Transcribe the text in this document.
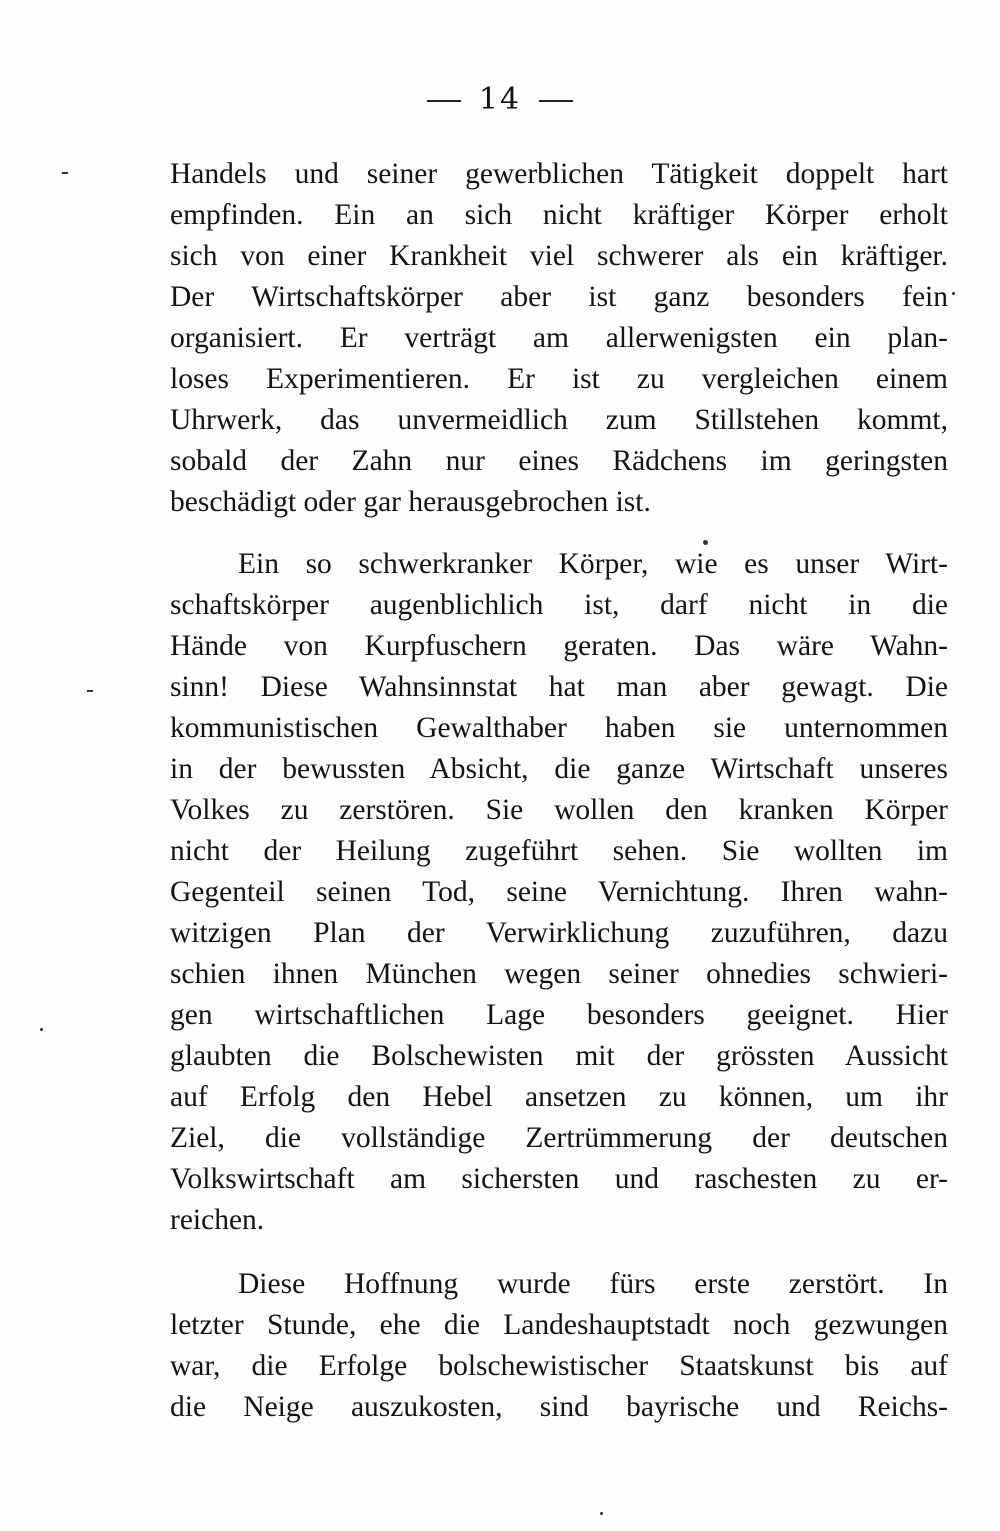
14
Handels und seiner gewerblichen Tätigkeit doppelt hart
empfinden. Ein an sich nicht kräftiger Körper erholt
sich von einer Krankheit viel schwerer als ein kräftiger.
Der Wirtschaftskörper aber ist ganz besonders fein
organisiert. Er verträgt am allerwenigsten ein plan-
loses Experimentieren. Er ist zu vergleichen einem
Uhrwerk, das unvermeidlich zum Stillstehen kommt,
sobald der Zahn nur eines Rädchens im geringsten
beschädigt oder gar herausgebrochen ist.
Ein so schwerkranker Körper, wie es unser Wirt-
schaftskörper augenblichlich ist, darf nicht in die
Hände von Kurpfuschern geraten. Das wäre Wahn-
sinn! Diese Wahnsinnstat hat man aber gewagt. Die
kommunistischen Gewalthaber haben sie unternommen
in der bewussten Absicht, die ganze Wirtschaft unseres
Volkes zu zerstören. Sie wollen den kranken Körper
nicht der Heilung zugeführt sehen. Sie wollten im
Gegenteil seinen Tod, seine Vernichtung. Ihren wahn-
witzigen Plan der Verwirklichung zuzuführen, dazu
schien ihnen München wegen seiner ohnedies schwieri-
gen wirtschaftlichen Lage besonders geeignet. Hier
glaubten die Bolschewisten mit der grössten Aussicht
auf Erfolg den Hebel ansetzen zu können, um ihr
Ziel, die vollständige Zertrümmerung der deutschen
Volkswirtschaft am sichersten und raschesten zu er-
reichen.
Diese Hoffnung wurde fürs erste zerstört. In
letzter Stunde, ehe die Landeshauptstadt noch gezwungen
war, die Erfolge bolschewistischer Staatskunst bis auf
die Neige auszukosten, sind bayrische und Reichs-
